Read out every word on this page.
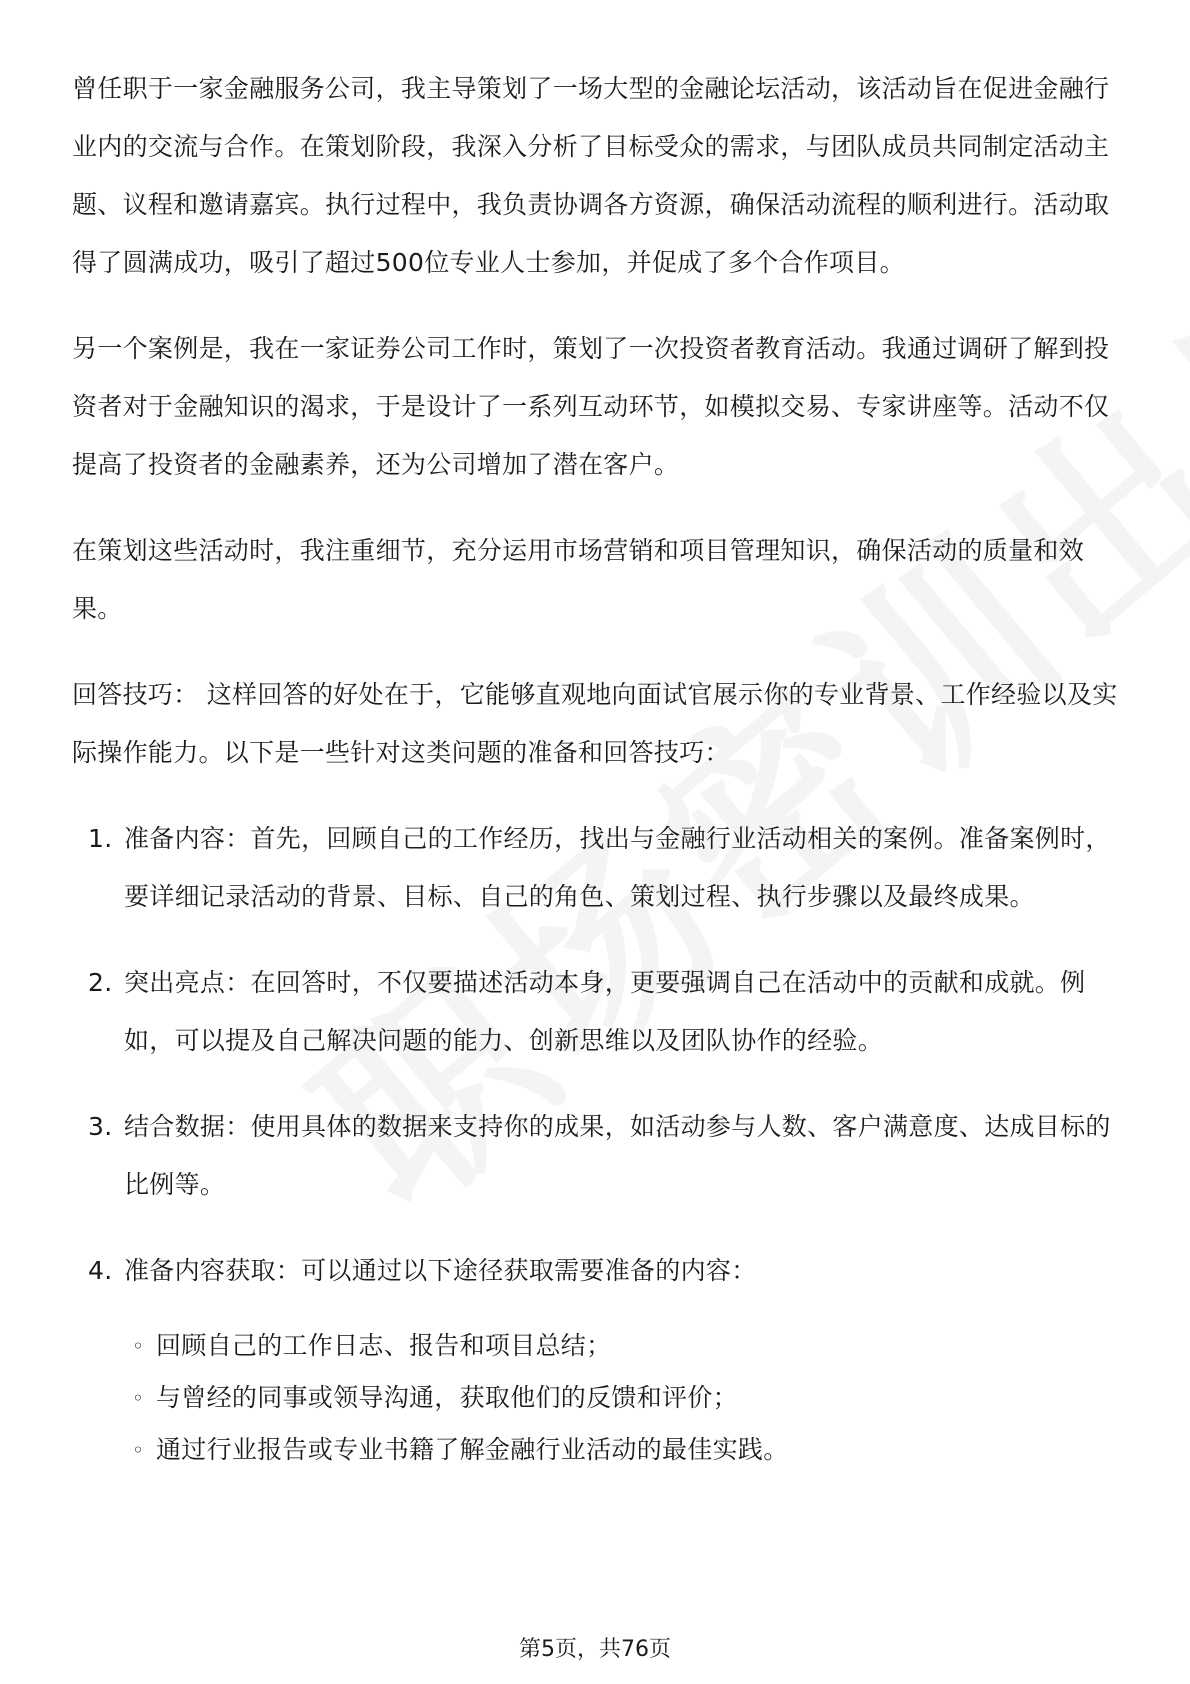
曾任职于一家金融服务公司，我主导策划了一场大型的金融论坛活动，该活动旨在促进金融行业内的交流与合作。在策划阶段，我深入分析了目标受众的需求，与团队成员共同制定活动主题、议程和邀请嘉宾。执行过程中，我负责协调各方资源，确保活动流程的顺利进行。活动取得了圆满成功，吸引了超过500位专业人士参加，并促成了多个合作项目。

另一个案例是，我在一家证券公司工作时，策划了一次投资者教育活动。我通过调研了解到投资者对于金融知识的渴求，于是设计了一系列互动环节，如模拟交易、专家讲座等。活动不仅提高了投资者的金融素养，还为公司增加了潜在客户。

在策划这些活动时，我注重细节，充分运用市场营销和项目管理知识，确保活动的质量和效果。

回答技巧： 这样回答的好处在于，它能够直观地向面试官展示你的专业背景、工作经验以及实际操作能力。以下是一些针对这类问题的准备和回答技巧：

1. 准备内容：首先，回顾自己的工作经历，找出与金融行业活动相关的案例。准备案例时，要详细记录活动的背景、目标、自己的角色、策划过程、执行步骤以及最终成果。
2. 突出亮点：在回答时，不仅要描述活动本身，更要强调自己在活动中的贡献和成就。例如，可以提及自己解决问题的能力、创新思维以及团队协作的经验。
3. 结合数据：使用具体的数据来支持你的成果，如活动参与人数、客户满意度、达成目标的比例等。
4. 准备内容获取：可以通过以下途径获取需要准备的内容：
◦ 回顾自己的工作日志、报告和项目总结；
◦ 与曾经的同事或领导沟通，获取他们的反馈和评价；
◦ 通过行业报告或专业书籍了解金融行业活动的最佳实践。
第5页，共76页
